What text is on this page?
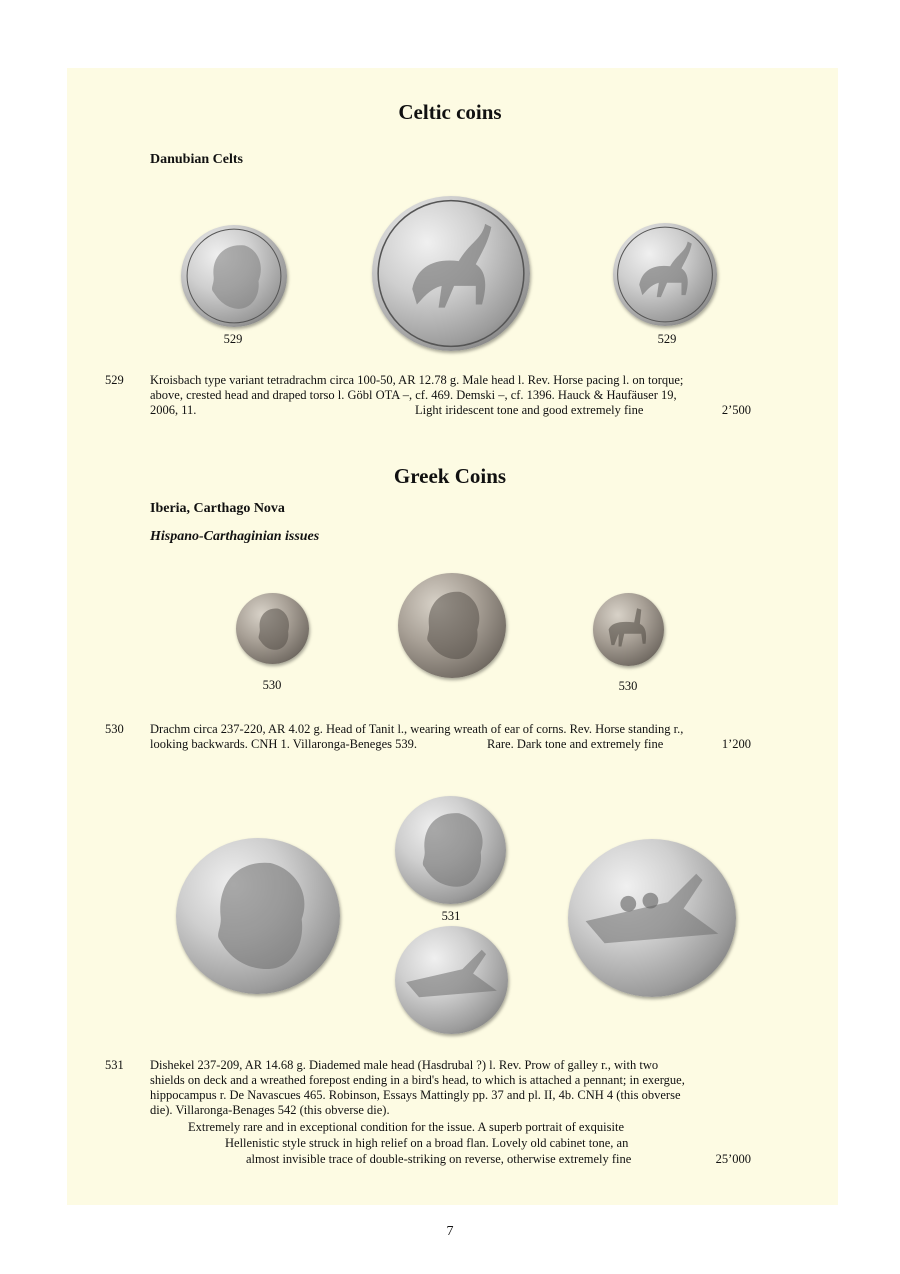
Celtic coins
Danubian Celts
529	529
529 Kroisbach type variant tetradrachm circa 100-50, AR 12.78 g. Male head l. Rev. Horse pacing l. on torque;
above, crested head and draped torso l. Göbl OTA –, cf. 469. Demski –, cf. 1396. Hauck & Haufäuser 19,
2006, 11.	Light iridescent tone and good extremely fine	2’500
Greek Coins
Iberia, Carthago Nova
Hispano-Carthaginian issues
530	530
530 Drachm circa 237-220, AR 4.02 g. Head of Tanit l., wearing wreath of ear of corns. Rev. Horse standing r.,
looking backwards. CNH 1. Villaronga-Beneges 539.	Rare. Dark tone and extremely fine	1’200
531
531 Dishekel 237-209, AR 14.68 g. Diademed male head (Hasdrubal ?) l. Rev. Prow of galley r., with two
shields on deck and a wreathed forepost ending in a bird's head, to which is attached a pennant; in exergue,
hippocampus r. De Navascues 465. Robinson, Essays Mattingly pp. 37 and pl. II, 4b. CNH 4 (this obverse
die). Villaronga-Benages 542 (this obverse die).
Extremely rare and in exceptional condition for the issue. A superb portrait of exquisite
Hellenistic style struck in high relief on a broad flan. Lovely old cabinet tone, an
almost invisible trace of double-striking on reverse, otherwise extremely fine	25’000
7
